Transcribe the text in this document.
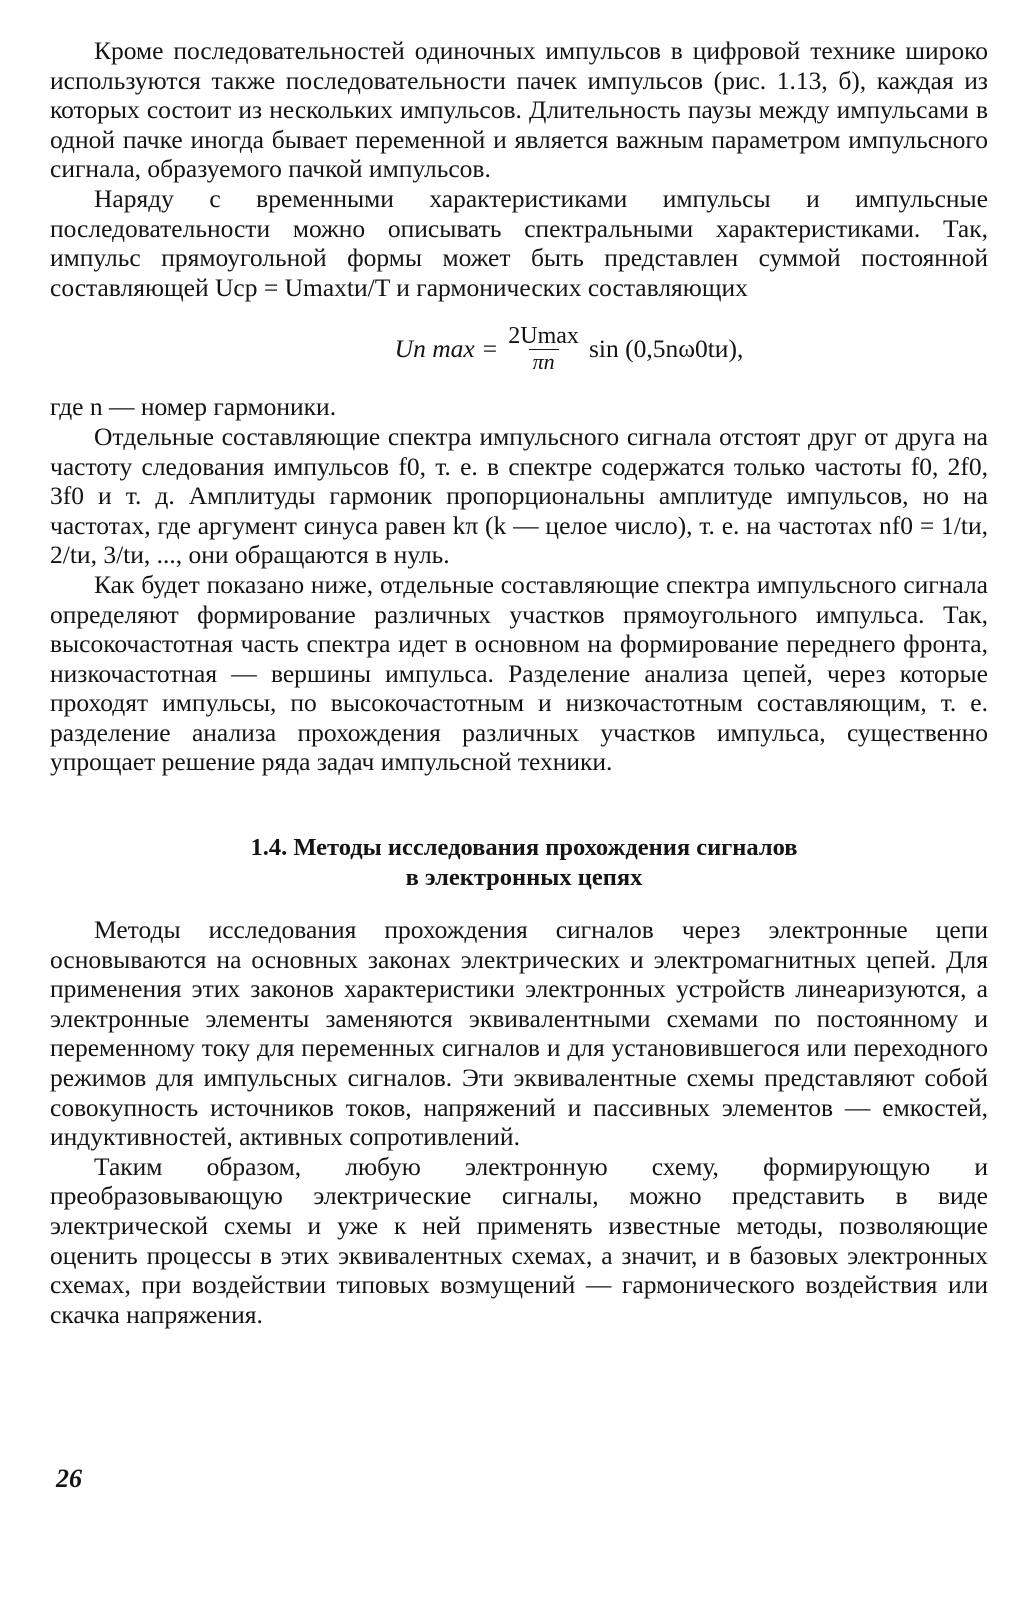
Кроме последовательностей одиночных импульсов в цифровой технике широко используются также последовательности пачек импульсов (рис. 1.13, б), каждая из которых состоит из нескольких импульсов. Длительность паузы между импульсами в одной пачке иногда бывает переменной и является важным параметром импульсного сигнала, образуемого пачкой импульсов.

Наряду с временными характеристиками импульсы и импульсные последовательности можно описывать спектральными характеристиками. Так, импульс прямоугольной формы может быть представлен суммой постоянной составляющей Uср = Umaxtи/T и гармонических составляющих

Un $\max = \frac{2Umax}{\pi n}$ sin (0,5nω0tи),

где n — номер гармоники.

Отдельные составляющие спектра импульсного сигнала отстоят друг от друга на частоту следования импульсов f0, т. е. в спектре содержатся только частоты f0, 2f0, 3f0 и т. д. Амплитуды гармоник пропорциональны амплитуде импульсов, но на частотах, где аргумент синуса равен kπ (k — целое число), т. е. на частотах nf0 = 1/tи, 2/tи, 3/tи, ..., они обращаются в нуль.

Как будет показано ниже, отдельные составляющие спектра импульсного сигнала определяют формирование различных участков прямоугольного импульса. Так, высокочастотная часть спектра идет в основном на формирование переднего фронта, низкочастотная — вершины импульса. Разделение анализа цепей, через которые проходят импульсы, по высокочастотным и низкочастотным составляющим, т. е. разделение анализа прохождения различных участков импульса, существенно упрощает решение ряда задач импульсной техники.

1.4. Методы исследования прохождения сигналов
в электронных цепях

Методы исследования прохождения сигналов через электронные цепи основываются на основных законах электрических и электромагнитных цепей. Для применения этих законов характеристики электронных устройств линеаризуются, а электронные элементы заменяются эквивалентными схемами по постоянному и переменному току для переменных сигналов и для установившегося или переходного режимов для импульсных сигналов. Эти эквивалентные схемы представляют собой совокупность источников токов, напряжений и пассивных элементов — емкостей, индуктивностей, активных сопротивлений.

Таким образом, любую электронную схему, формирующую и преобразовывающую электрические сигналы, можно представить в виде электрической схемы и уже к ней применять известные методы, позволяющие оценить процессы в этих эквивалентных схемах, а значит, и в базовых электронных схемах, при воздействии типовых возмущений — гармонического воздействия или скачка напряжения.

26
